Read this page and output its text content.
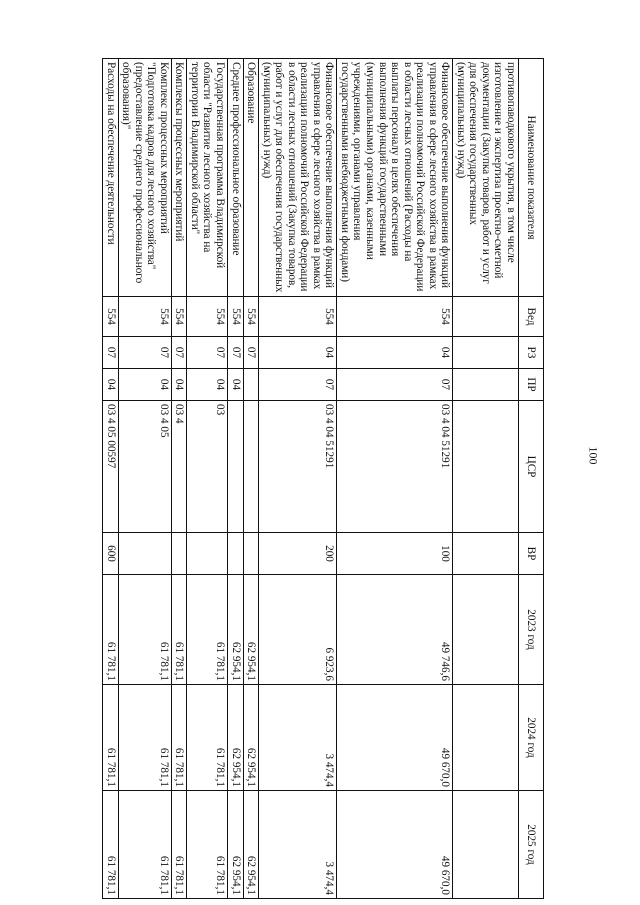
100
Наименование показателя	Вед	РЗ	ПР	ЦСР	ВР	2023 год	2024 год	2025 год
противопаводкового укрытия, в том числе изготовление и экспертиза проектно-сметной документации (Закупка товаров, работ и услуг для обеспечения государственных (муниципальных) нужд)								
Финансовое обеспечение выполнения функций управления в сфере лесного хозяйства в рамках реализации полномочий Российской Федерации в области лесных отношений (Расходы на выплаты персоналу в целях обеспечения выполнения функций государственными (муниципальными) органами, казенными учреждениями, органами управления государственными внебюджетными фондами)	554	04	07	03 4 04 51291	100	49 746,6	49 670,0	49 670,0
Финансовое обеспечение выполнения функций управления в сфере лесного хозяйства в рамках реализации полномочий Российской Федерации в области лесных отношений (Закупка товаров, работ и услуг для обеспечения государственных (муниципальных) нужд)	554	04	07	03 4 04 51291	200	6 923,6	3 474,4	3 474,4
Образование	554	07				62 954,1	62 954,1	62 954,1
Среднее профессиональное образование	554	07	04			62 954,1	62 954,1	62 954,1
Государственная программа Владимирской области "Развитие лесного хозяйства на территории Владимирской области"	554	07	04	03		61 781,1	61 781,1	61 781,1
Комплексы процессных мероприятий	554	07	04	03 4		61 781,1	61 781,1	61 781,1
Комплекс процессных мероприятий "Подготовка кадров для лесного хозяйства" (предоставление среднего профессионального образования)"	554	07	04	03 4 05		61 781,1	61 781,1	61 781,1
Расходы на обеспечение деятельности	554	07	04	03 4 05 00597	600	61 781,1	61 781,1	61 781,1
